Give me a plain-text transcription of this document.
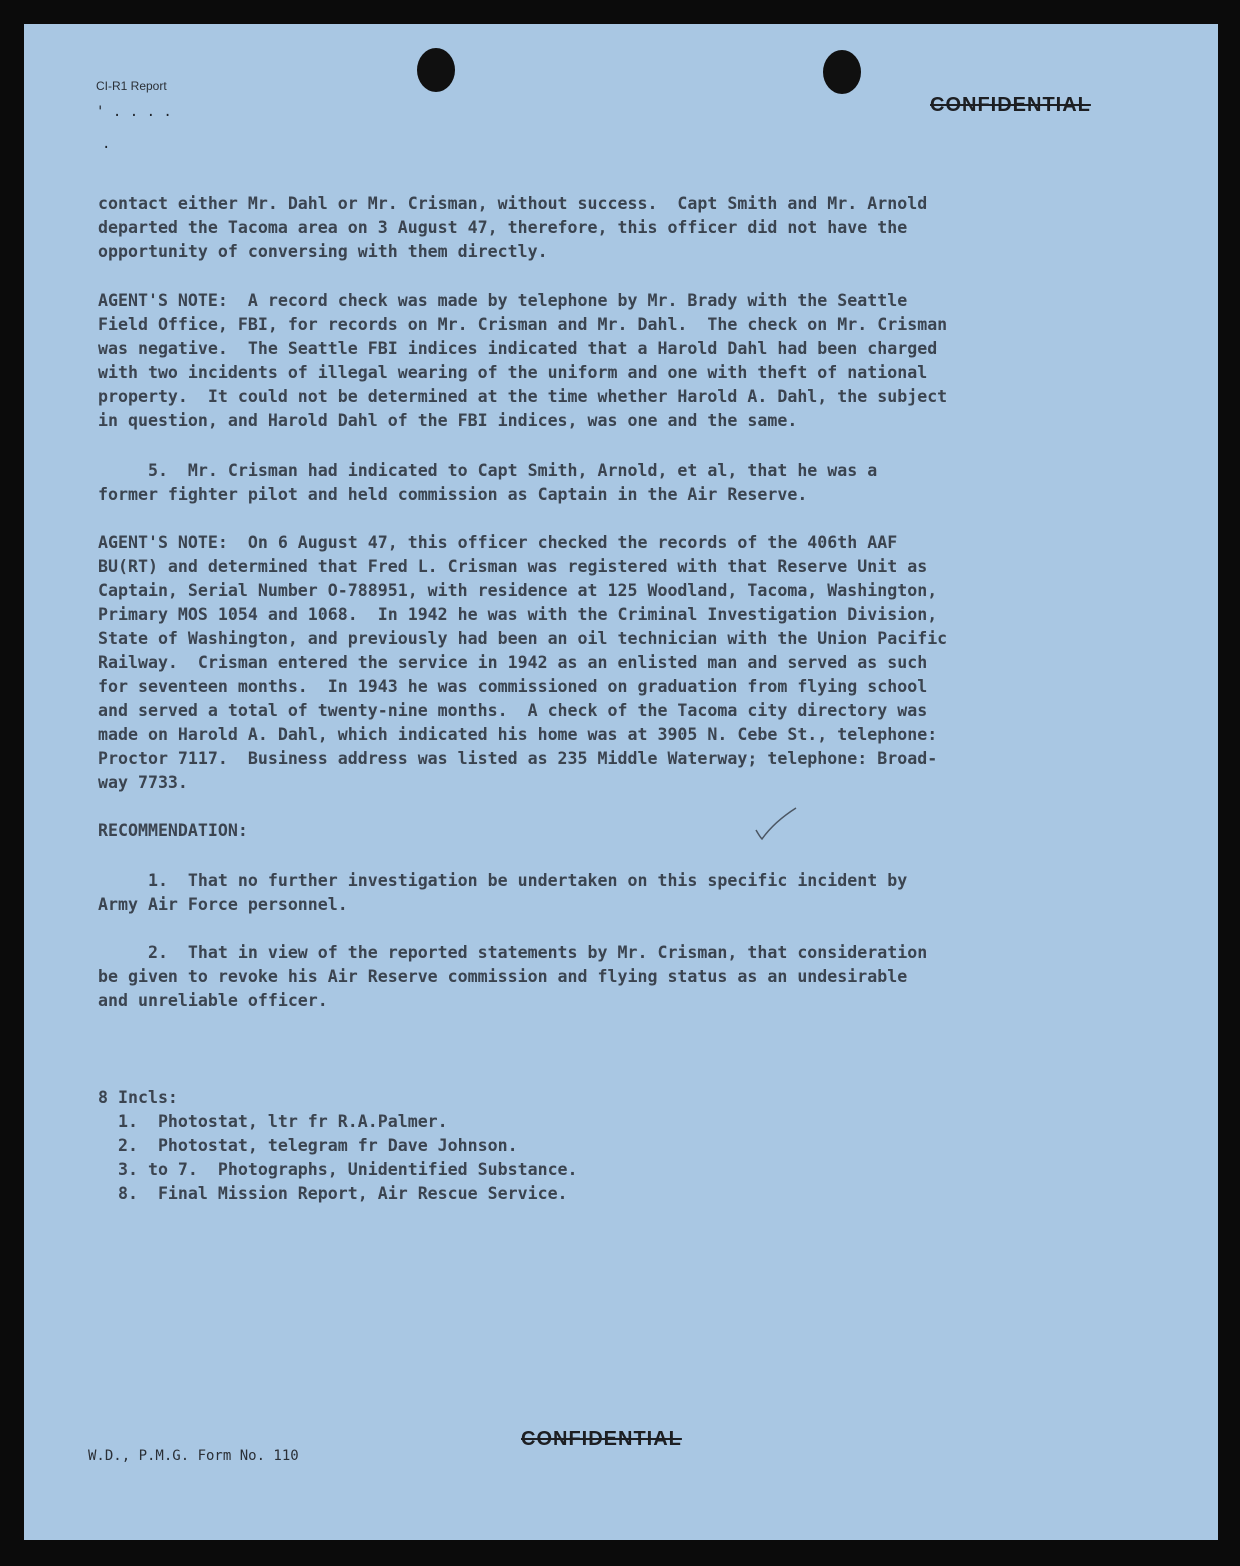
CI-R1 Report
' . . . .
.
CONFIDENTIAL
contact either Mr. Dahl or Mr. Crisman, without success.  Capt Smith and Mr. Arnold
departed the Tacoma area on 3 August 47, therefore, this officer did not have the
opportunity of conversing with them directly.
AGENT'S NOTE:  A record check was made by telephone by Mr. Brady with the Seattle
Field Office, FBI, for records on Mr. Crisman and Mr. Dahl.  The check on Mr. Crisman
was negative.  The Seattle FBI indices indicated that a Harold Dahl had been charged
with two incidents of illegal wearing of the uniform and one with theft of national
property.  It could not be determined at the time whether Harold A. Dahl, the subject
in question, and Harold Dahl of the FBI indices, was one and the same.
5.  Mr. Crisman had indicated to Capt Smith, Arnold, et al, that he was a
former fighter pilot and held commission as Captain in the Air Reserve.
AGENT'S NOTE:  On 6 August 47, this officer checked the records of the 406th AAF
BU(RT) and determined that Fred L. Crisman was registered with that Reserve Unit as
Captain, Serial Number O-788951, with residence at 125 Woodland, Tacoma, Washington,
Primary MOS 1054 and 1068.  In 1942 he was with the Criminal Investigation Division,
State of Washington, and previously had been an oil technician with the Union Pacific
Railway.  Crisman entered the service in 1942 as an enlisted man and served as such
for seventeen months.  In 1943 he was commissioned on graduation from flying school
and served a total of twenty-nine months.  A check of the Tacoma city directory was
made on Harold A. Dahl, which indicated his home was at 3905 N. Cebe St., telephone:
Proctor 7117.  Business address was listed as 235 Middle Waterway; telephone: Broad-
way 7733.
RECOMMENDATION:
1.  That no further investigation be undertaken on this specific incident by
Army Air Force personnel.
2.  That in view of the reported statements by Mr. Crisman, that consideration
be given to revoke his Air Reserve commission and flying status as an undesirable
and unreliable officer.
8 Incls:
1.  Photostat, ltr fr R.A.Palmer.
2.  Photostat, telegram fr Dave Johnson.
3. to 7.  Photographs, Unidentified Substance.
8.  Final Mission Report, Air Rescue Service.
CONFIDENTIAL
W.D., P.M.G. Form No. 110
